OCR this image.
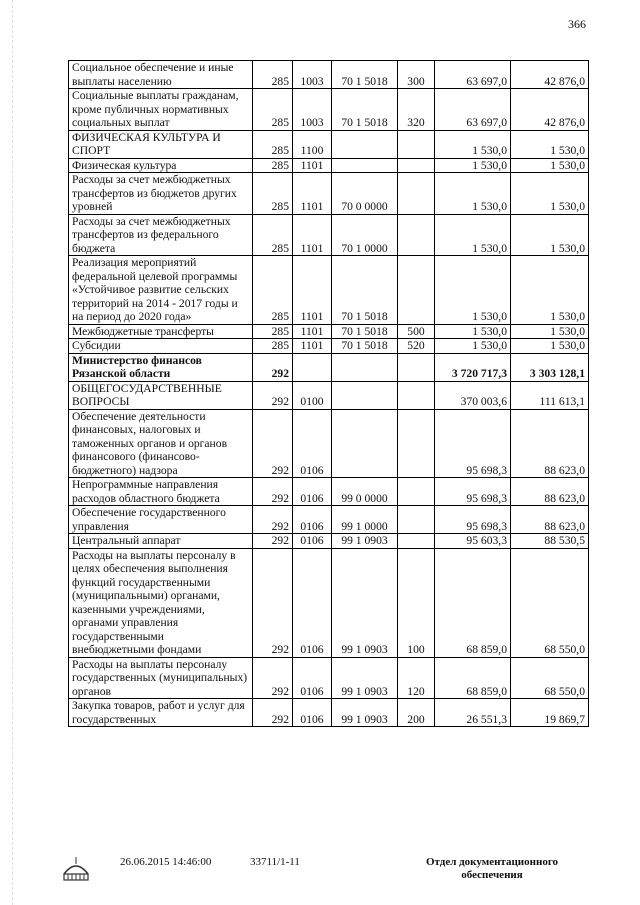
366
Социальное обеспечение и иные выплаты населению	285	1003	70 1 5018	300	63 697,0	42 876,0
Социальные выплаты гражданам, кроме публичных нормативных социальных выплат	285	1003	70 1 5018	320	63 697,0	42 876,0
ФИЗИЧЕСКАЯ КУЛЬТУРА И СПОРТ	285	1100			1 530,0	1 530,0
Физическая культура	285	1101			1 530,0	1 530,0
Расходы за счет межбюджетных трансфертов из бюджетов других уровней	285	1101	70 0 0000		1 530,0	1 530,0
Расходы за счет межбюджетных трансфертов из федерального бюджета	285	1101	70 1 0000		1 530,0	1 530,0
Реализация мероприятий федеральной целевой программы «Устойчивое развитие сельских территорий на 2014 - 2017 годы и на период до 2020 года»	285	1101	70 1 5018		1 530,0	1 530,0
Межбюджетные трансферты	285	1101	70 1 5018	500	1 530,0	1 530,0
Субсидии	285	1101	70 1 5018	520	1 530,0	1 530,0
Министерство финансов Рязанской области	292				3 720 717,3	3 303 128,1
ОБЩЕГОСУДАРСТВЕННЫЕ ВОПРОСЫ	292	0100			370 003,6	111 613,1
Обеспечение деятельности финансовых, налоговых и таможенных органов и органов финансового (финансово-бюджетного) надзора	292	0106			95 698,3	88 623,0
Непрограммные направления расходов областного бюджета	292	0106	99 0 0000		95 698,3	88 623,0
Обеспечение государственного управления	292	0106	99 1 0000		95 698,3	88 623,0
Центральный аппарат	292	0106	99 1 0903		95 603,3	88 530,5
Расходы на выплаты персоналу в целях обеспечения выполнения функций государственными (муниципальными) органами, казенными учреждениями, органами управления государственными внебюджетными фондами	292	0106	99 1 0903	100	68 859,0	68 550,0
Расходы на выплаты персоналу государственных (муниципальных) органов	292	0106	99 1 0903	120	68 859,0	68 550,0
Закупка товаров, работ и услуг для государственных	292	0106	99 1 0903	200	26 551,3	19 869,7
26.06.2015 14:46:00	33711/1-11	Отдел документационного
обеспечения
